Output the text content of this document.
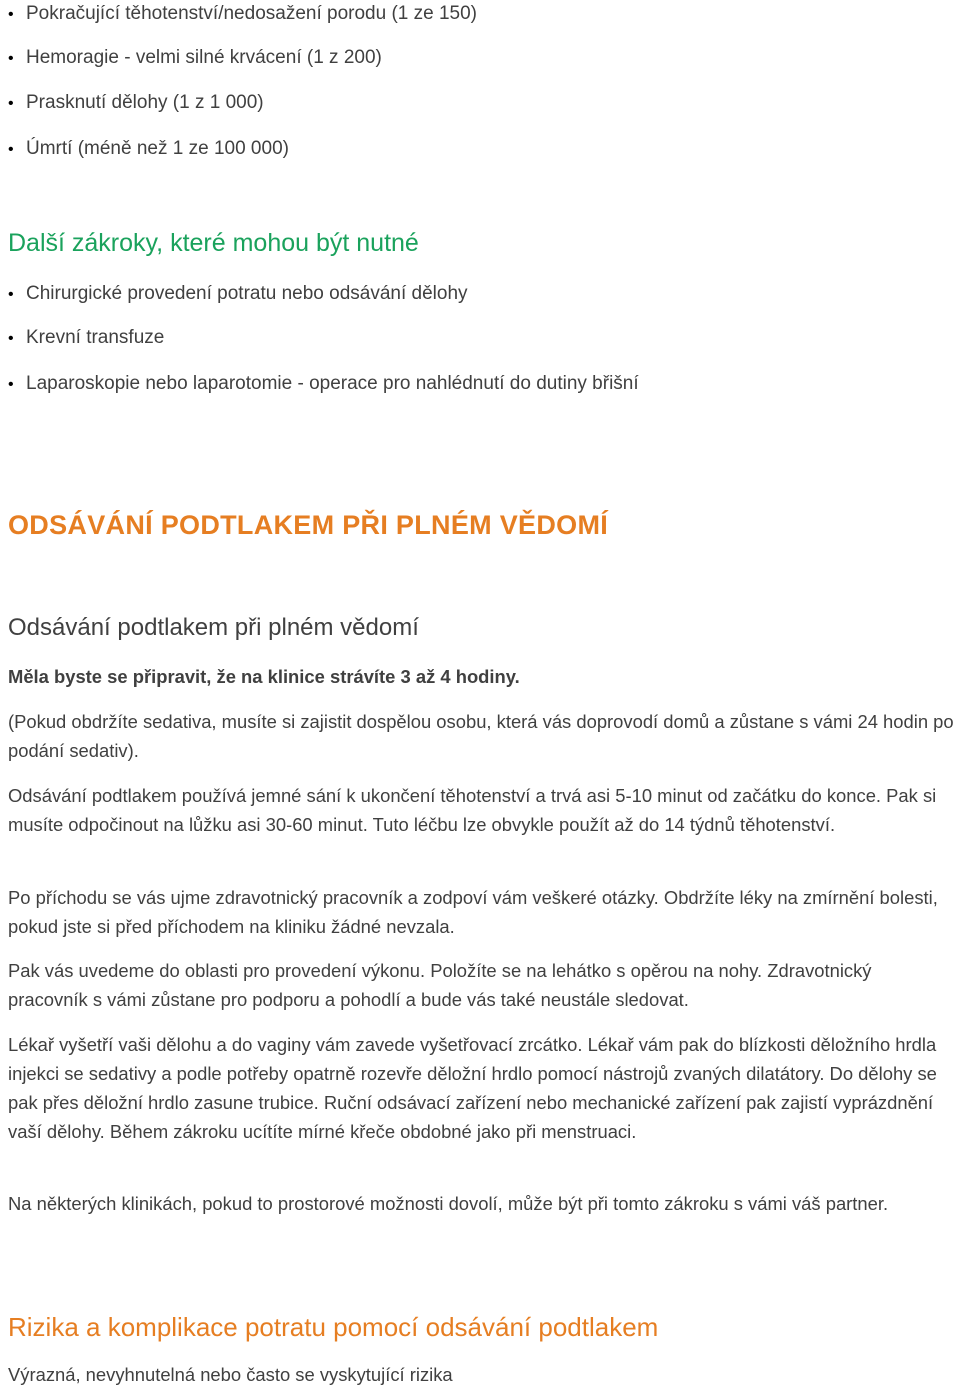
• Pokračující těhotenství/nedosažení porodu (1 ze 150)
• Hemoragie - velmi silné krvácení (1 z 200)
• Prasknutí dělohy (1 z 1 000)
• Úmrtí (méně než 1 ze 100 000)
Další zákroky, které mohou být nutné
• Chirurgické provedení potratu nebo odsávání dělohy
• Krevní transfuze
• Laparoskopie nebo laparotomie - operace pro nahlédnutí do dutiny břišní
ODSÁVÁNÍ PODTLAKEM PŘI PLNÉM VĚDOMÍ
Odsávání podtlakem při plném vědomí
Měla byste se připravit, že na klinice strávíte 3 až 4 hodiny.
(Pokud obdržíte sedativa, musíte si zajistit dospělou osobu, která vás doprovodí domů a zůstane s vámi 24 hodin po podání sedativ).
Odsávání podtlakem používá jemné sání k ukončení těhotenství a trvá asi 5-10 minut od začátku do konce. Pak si musíte odpočinout na lůžku asi 30-60 minut. Tuto léčbu lze obvykle použít až do 14 týdnů těhotenství.
Po příchodu se vás ujme zdravotnický pracovník a zodpoví vám veškeré otázky. Obdržíte léky na zmírnění bolesti, pokud jste si před příchodem na kliniku žádné nevzala.
Pak vás uvedeme do oblasti pro provedení výkonu. Položíte se na lehátko s opěrou na nohy. Zdravotnický pracovník s vámi zůstane pro podporu a pohodlí a bude vás také neustále sledovat.
Lékař vyšetří vaši dělohu a do vaginy vám zavede vyšetřovací zrcátko. Lékař vám pak do blízkosti děložního hrdla injekci se sedativy a podle potřeby opatrně rozevře děložní hrdlo pomocí nástrojů zvaných dilatátory. Do dělohy se pak přes děložní hrdlo zasune trubice. Ruční odsávací zařízení nebo mechanické zařízení pak zajistí vyprázdnění vaší dělohy. Během zákroku ucítíte mírné křeče obdobné jako při menstruaci.
Na některých klinikách, pokud to prostorové možnosti dovolí, může být při tomto zákroku s vámi váš partner.
Rizika a komplikace potratu pomocí odsávání podtlakem
Výrazná, nevyhnutelná nebo často se vyskytující rizika
